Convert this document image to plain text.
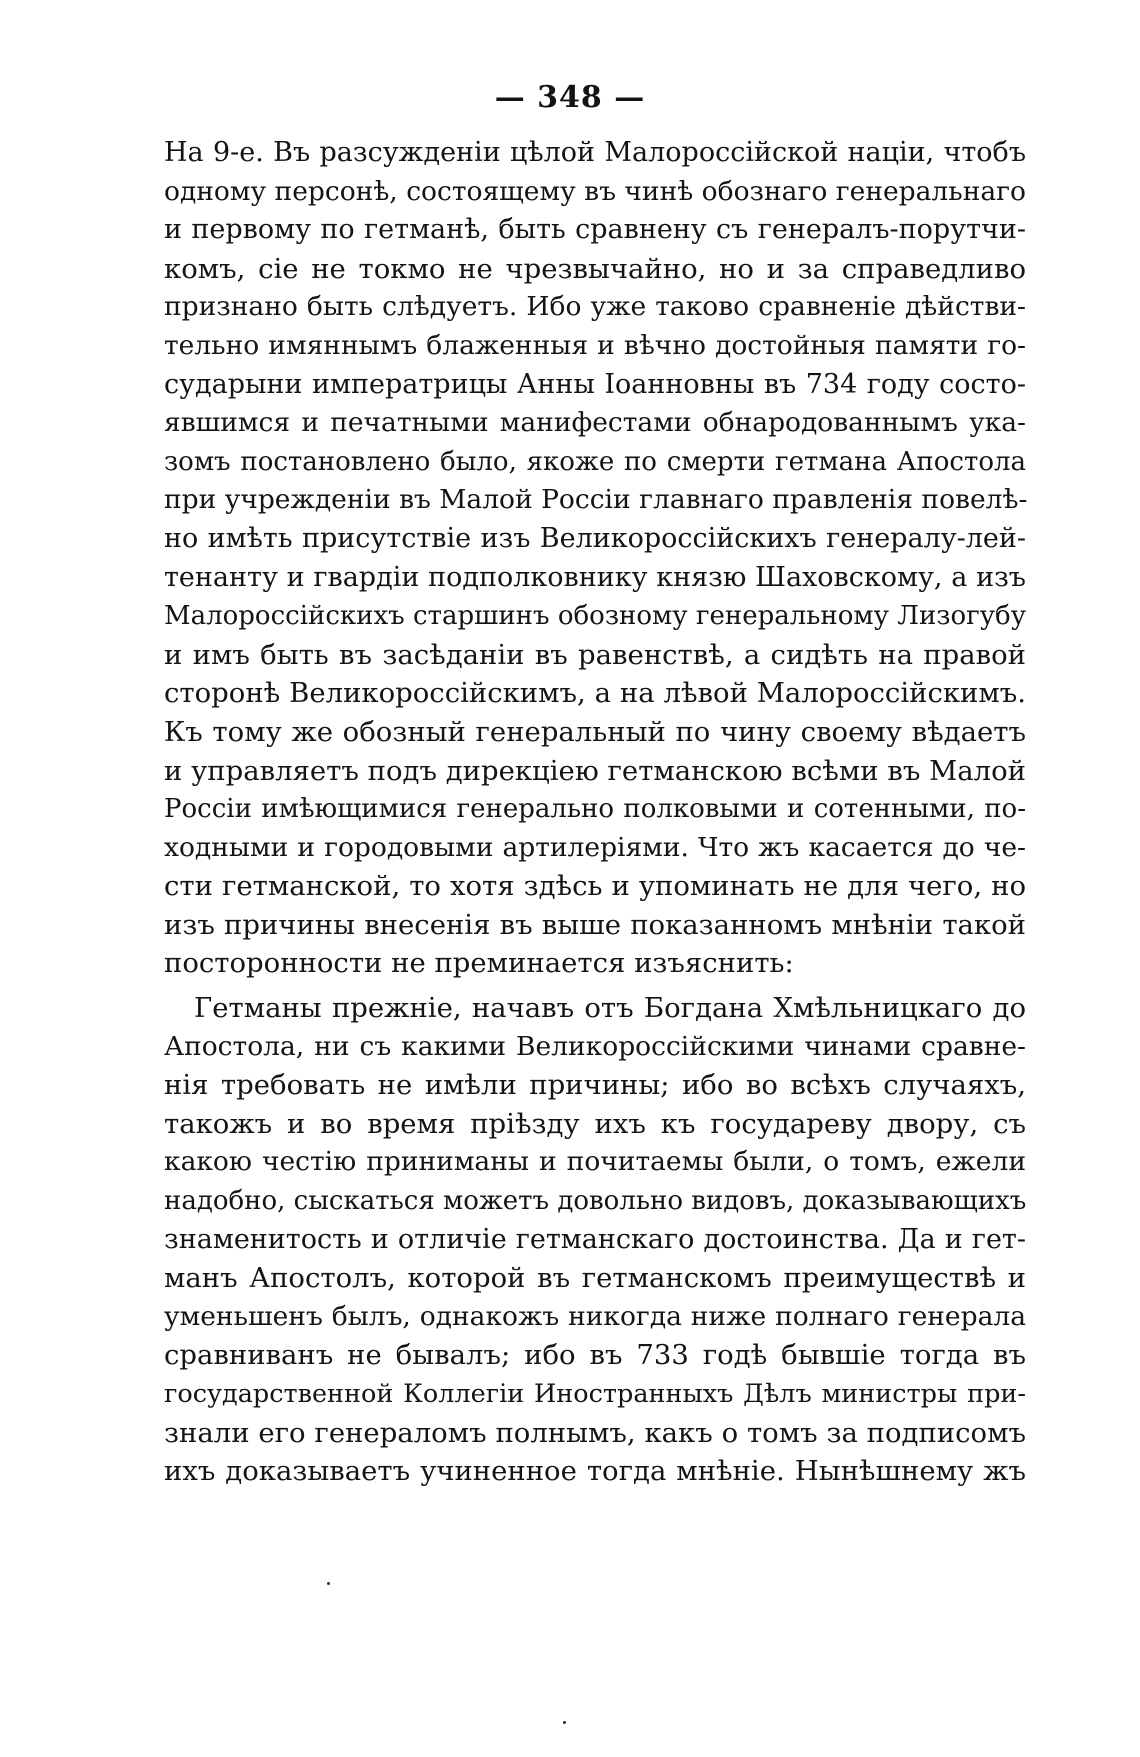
— 348 —
На 9-е. Въ разсужденіи цѣлой Малороссійской націи, чтобъ
одному персонѣ, состоящему въ чинѣ обознаго генеральнаго
и первому по гетманѣ, быть сравнену съ генералъ-порутчи-
комъ, сіе не токмо не чрезвычайно, но и за справедливо
признано быть слѣдуетъ. Ибо уже таково сравненіе дѣйстви-
тельно имяннымъ блаженныя и вѣчно достойныя памяти го-
сударыни императрицы Анны Іоанновны въ 734 году состо-
явшимся и печатными манифестами обнародованнымъ ука-
зомъ постановлено было, якоже по смерти гетмана Апостола
при учрежденіи въ Малой Россіи главнаго правленія повелѣ-
но имѣть присутствіе изъ Великороссійскихъ генералу-лей-
тенанту и гвардіи подполковнику князю Шаховскому, а изъ
Малороссійскихъ старшинъ обозному генеральному Лизогубу
и имъ быть въ засѣданіи въ равенствѣ, а сидѣть на правой
сторонѣ Великороссійскимъ, а на лѣвой Малороссійскимъ.
Къ тому же обозный генеральный по чину своему вѣдаетъ
и управляетъ подъ дирекціею гетманскою всѣми въ Малой
Россіи имѣющимися генерально полковыми и сотенными, по-
ходными и городовыми артилеріями. Что жъ касается до че-
сти гетманской, то хотя здѣсь и упоминать не для чего, но
изъ причины внесенія въ выше показанномъ мнѣніи такой
посторонности не преминается изъяснить:
Гетманы прежніе, начавъ отъ Богдана Хмѣльницкаго до
Апостола, ни съ какими Великороссійскими чинами сравне-
нія требовать не имѣли причины; ибо во всѣхъ случаяхъ,
такожъ и во время пріѣзду ихъ къ государеву двору, съ
какою честію приниманы и почитаемы были, о томъ, ежели
надобно, сыскаться можетъ довольно видовъ, доказывающихъ
знаменитость и отличіе гетманскаго достоинства. Да и гет-
манъ Апостолъ, которой въ гетманскомъ преимуществѣ и
уменьшенъ былъ, однакожъ никогда ниже полнаго генерала
сравниванъ не бывалъ; ибо въ 733 годѣ бывшіе тогда въ
государственной Коллегіи Иностранныхъ Дѣлъ министры при-
знали его генераломъ полнымъ, какъ о томъ за подписомъ
ихъ доказываетъ учиненное тогда мнѣніе. Нынѣшнему жъ
